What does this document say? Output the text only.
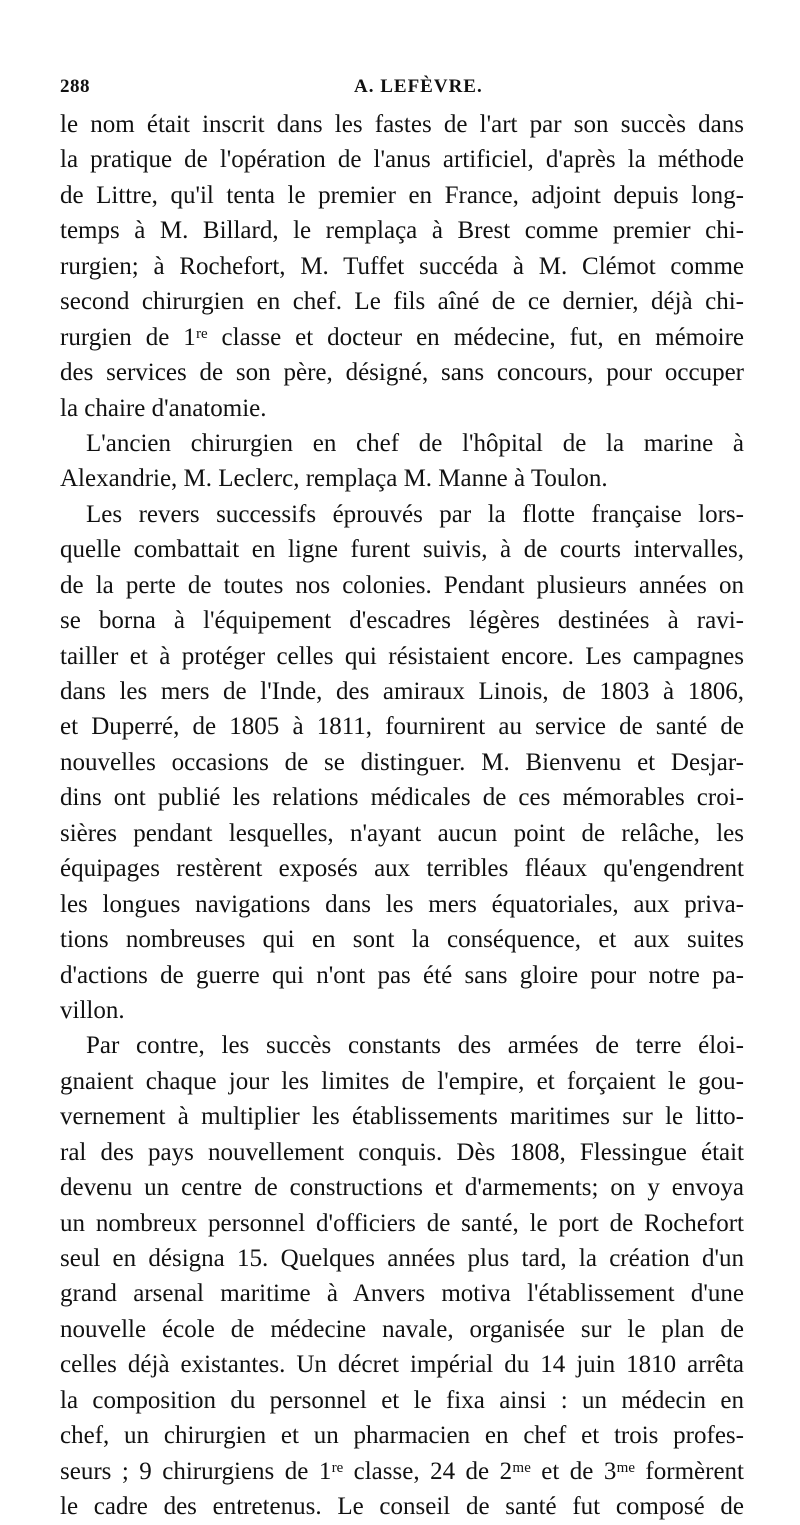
288	A. LEFÈVRE.
le nom était inscrit dans les fastes de l'art par son succès dans
la pratique de l'opération de l'anus artificiel, d'après la méthode
de Littre, qu'il tenta le premier en France, adjoint depuis long-
temps à M. Billard, le remplaça à Brest comme premier chi-
rurgien; à Rochefort, M. Tuffet succéda à M. Clémot comme
second chirurgien en chef. Le fils aîné de ce dernier, déjà chi-
rurgien de 1ʳᵉ classe et docteur en médecine, fut, en mémoire
des services de son père, désigné, sans concours, pour occuper
la chaire d'anatomie.
L'ancien chirurgien en chef de l'hôpital de la marine à
Alexandrie, M. Leclerc, remplaça M. Manne à Toulon.
Les revers successifs éprouvés par la flotte française lors-
quelle combattait en ligne furent suivis, à de courts intervalles,
de la perte de toutes nos colonies. Pendant plusieurs années on
se borna à l'équipement d'escadres légères destinées à ravi-
tailler et à protéger celles qui résistaient encore. Les campagnes
dans les mers de l'Inde, des amiraux Linois, de 1803 à 1806,
et Duperré, de 1805 à 1811, fournirent au service de santé de
nouvelles occasions de se distinguer. M. Bienvenu et Desjar-
dins ont publié les relations médicales de ces mémorables croi-
sières pendant lesquelles, n'ayant aucun point de relâche, les
équipages restèrent exposés aux terribles fléaux qu'engendrent
les longues navigations dans les mers équatoriales, aux priva-
tions nombreuses qui en sont la conséquence, et aux suites
d'actions de guerre qui n'ont pas été sans gloire pour notre pa-
villon.
Par contre, les succès constants des armées de terre éloi-
gnaient chaque jour les limites de l'empire, et forçaient le gou-
vernement à multiplier les établissements maritimes sur le litto-
ral des pays nouvellement conquis. Dès 1808, Flessingue était
devenu un centre de constructions et d'armements; on y envoya
un nombreux personnel d'officiers de santé, le port de Rochefort
seul en désigna 15. Quelques années plus tard, la création d'un
grand arsenal maritime à Anvers motiva l'établissement d'une
nouvelle école de médecine navale, organisée sur le plan de
celles déjà existantes. Un décret impérial du 14 juin 1810 arrêta
la composition du personnel et le fixa ainsi : un médecin en
chef, un chirurgien et un pharmacien en chef et trois profes-
seurs ; 9 chirurgiens de 1ʳᵉ classe, 24 de 2ᵐᵉ et de 3ᵐᵉ formèrent
le cadre des entretenus. Le conseil de santé fut composé de
